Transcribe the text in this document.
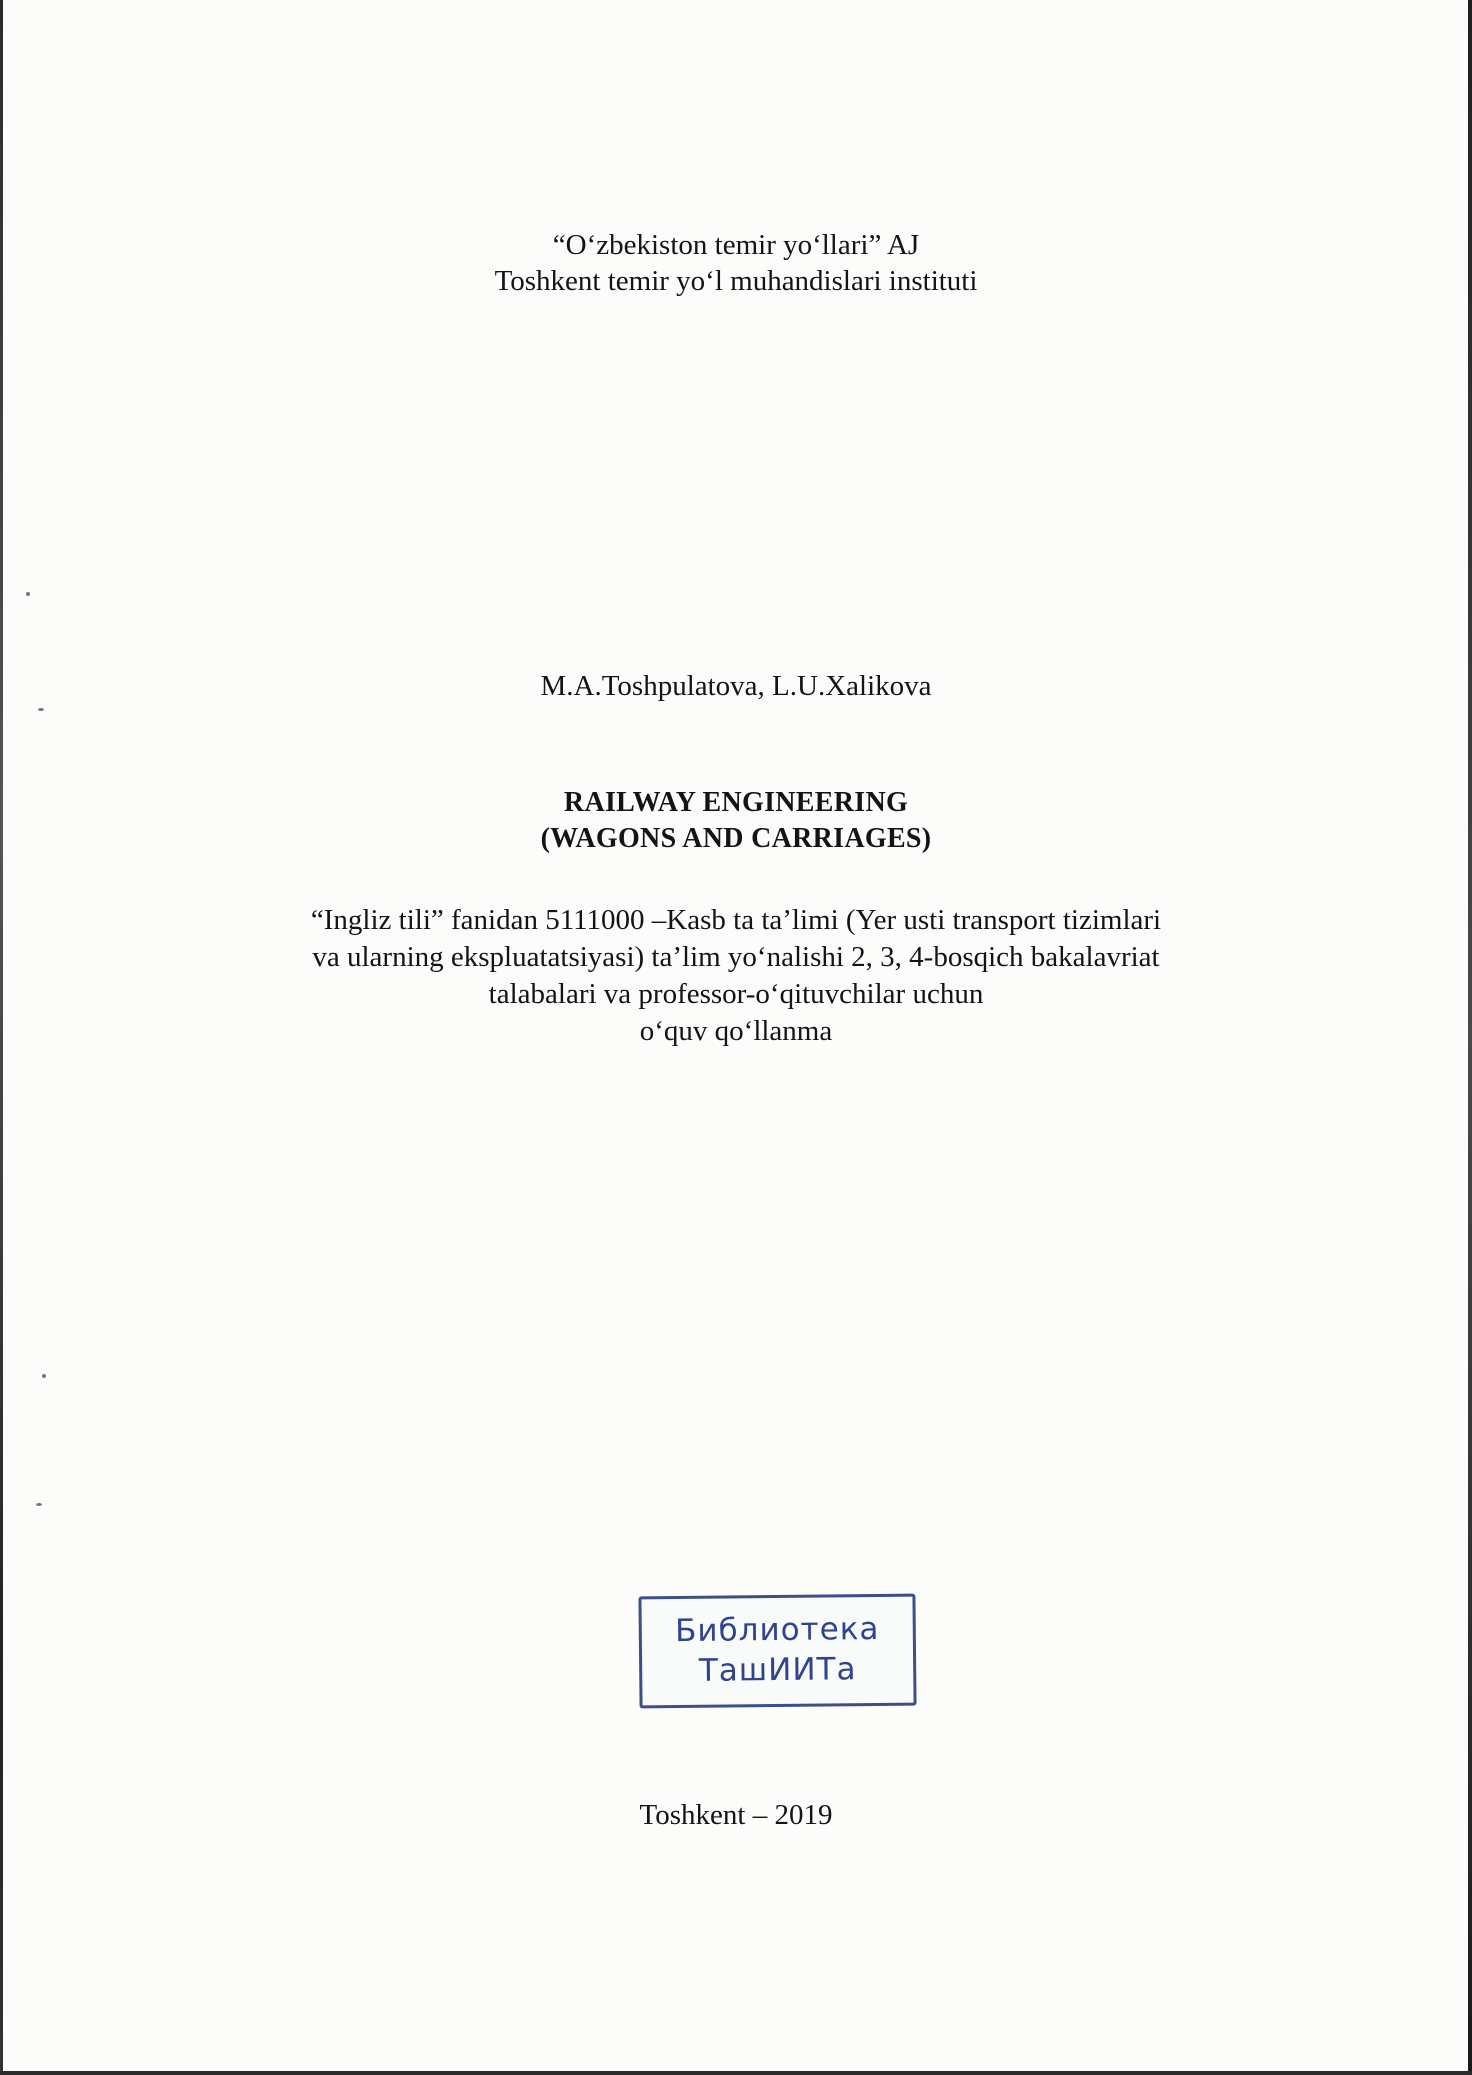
“O‘zbekiston temir yo‘llari” AJ
Toshkent temir yo‘l muhandislari instituti
M.A.Toshpulatova, L.U.Xalikova
RAILWAY ENGINEERING
(WAGONS AND CARRIAGES)
“Ingliz tili” fanidan 5111000 –Kasb ta ta’limi (Yer usti transport tizimlari
va ularning ekspluatatsiyasi) ta’lim yo‘nalishi 2, 3, 4-bosqich bakalavriat
talabalari va professor-o‘qituvchilar uchun
o‘quv qo‘llanma
Библиотека
ТашИИТа
Toshkent – 2019
